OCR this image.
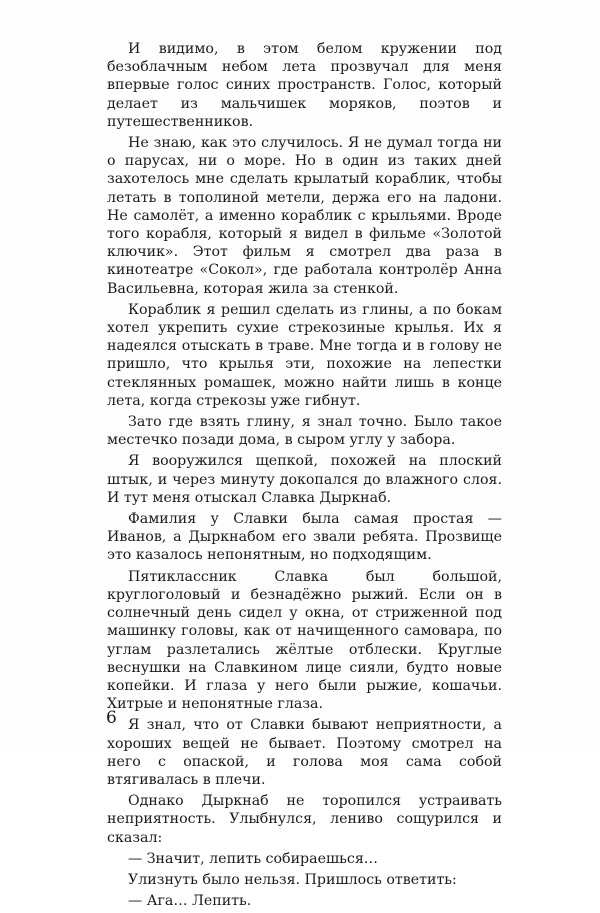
И видимо, в этом белом кружении под безоблачным небом лета прозвучал для меня впервые голос синих пространств. Голос, который делает из мальчишек моряков, поэтов и путешественников.

Не знаю, как это случилось. Я не думал тогда ни о парусах, ни о море. Но в один из таких дней захотелось мне сделать крылатый кораблик, чтобы летать в тополиной метели, держа его на ладони. Не самолёт, а именно кораблик с крыльями. Вроде того корабля, который я видел в фильме «Золотой ключик». Этот фильм я смотрел два раза в кинотеатре «Сокол», где работала контролёр Анна Васильевна, которая жила за стенкой.

Кораблик я решил сделать из глины, а по бокам хотел укрепить сухие стрекозиные крылья. Их я надеялся отыскать в траве. Мне тогда и в голову не пришло, что крылья эти, похожие на лепестки стеклянных ромашек, можно найти лишь в конце лета, когда стрекозы уже гибнут.

Зато где взять глину, я знал точно. Было такое местечко позади дома, в сыром углу у забора.

Я вооружился щепкой, похожей на плоский штык, и через минуту докопался до влажного слоя. И тут меня отыскал Славка Дыркнаб.

Фамилия у Славки была самая простая — Иванов, а Дыркнабом его звали ребята. Прозвище это казалось непонятным, но подходящим.

Пятиклассник Славка был большой, круглоголовый и безнадёжно рыжий. Если он в солнечный день сидел у окна, от стриженной под машинку головы, как от начищенного самовара, по углам разлетались жёлтые отблески. Круглые веснушки на Славкином лице сияли, будто новые копейки. И глаза у него были рыжие, кошачьи. Хитрые и непонятные глаза.

Я знал, что от Славки бывают неприятности, а хороших вещей не бывает. Поэтому смотрел на него с опаской, и голова моя сама собой втягивалась в плечи.

Однако Дыркнаб не торопился устраивать неприятность. Улыбнулся, лениво сощурился и сказал:

— Значит, лепить собираешься…

Улизнуть было нельзя. Пришлось ответить:

— Ага… Лепить.

6
